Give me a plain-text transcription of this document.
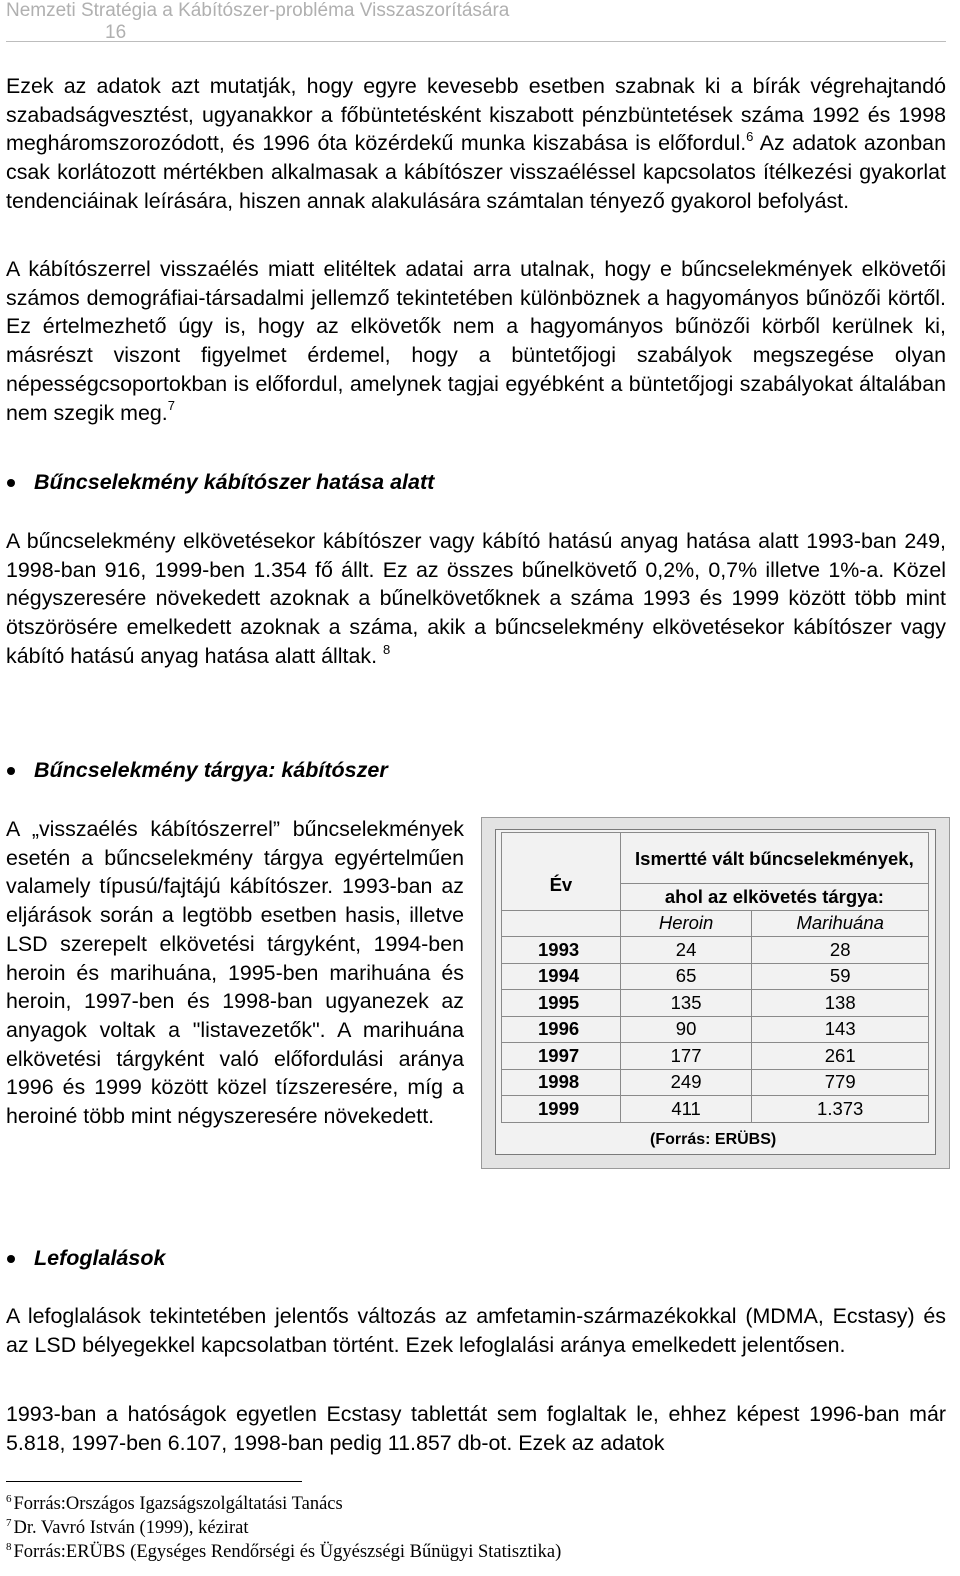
Nemzeti Stratégia a Kábítószer-probléma Visszaszorítására
16
Ezek az adatok azt mutatják, hogy egyre kevesebb esetben szabnak ki a bírák végrehajtandó szabadságvesztést, ugyanakkor a főbüntetésként kiszabott pénzbüntetések száma 1992 és 1998 megháromszorozódott, és 1996 óta közérdekű munka kiszabása is előfordul.$^6$ Az adatok azonban csak korlátozott mértékben alkalmasak a kábítószer visszaéléssel kapcsolatos ítélkezési gyakorlat tendenciáinak leírására, hiszen annak alakulására számtalan tényező gyakorol befolyást.
A kábítószerrel visszaélés miatt elitéltek adatai arra utalnak, hogy e bűncselekmények elkövetői számos demográfiai-társadalmi jellemző tekintetében különböznek a hagyományos bűnözői körtől. Ez értelmezhető úgy is, hogy az elkövetők nem a hagyományos bűnözői körből kerülnek ki, másrészt viszont figyelmet érdemel, hogy a büntetőjogi szabályok megszegése olyan népességcsoportokban is előfordul, amelynek tagjai egyébként a büntetőjogi szabályokat általában nem szegik meg.$^7$
Bűncselekmény kábítószer hatása alatt
A bűncselekmény elkövetésekor kábítószer vagy kábító hatású anyag hatása alatt 1993-ban 249, 1998-ban 916, 1999-ben 1.354 fő állt. Ez az összes bűnelkövető 0,2%, 0,7% illetve 1%-a. Közel négyszeresére növekedett azoknak a bűnelkövetőknek a száma 1993 és 1999 között több mint ötszörösére emelkedett azoknak a száma, akik a bűncselekmény elkövetésekor kábítószer vagy kábító hatású anyag hatása alatt álltak. $^8$
Bűncselekmény tárgya: kábítószer
A „visszaélés kábítószerrel” bűncselekmények esetén a bűncselekmény tárgya egyértelműen valamely típusú/fajtájú kábítószer. 1993-ban az eljárások során a legtöbb esetben hasis, illetve LSD szerepelt elkövetési tárgyként, 1994-ben heroin és marihuána, 1995-ben marihuána és heroin, 1997-ben és 1998-ban ugyanezek az anyagok voltak a "listavezetők". A marihuána elkövetési tárgyként való előfordulási aránya 1996 és 1999 között közel tízszeresére, míg a heroiné több mint négyszeresére növekedett.
Év	Ismertté vált bűncselekmények,	
	ahol az elkövetés tárgya:	
	Heroin	Marihuána
1993	24	28
1994	65	59
1995	135	138
1996	90	143
1997	177	261
1998	249	779
1999	411	1.373
(Forrás: ERÜBS)
Lefoglalások
A lefoglalások tekintetében jelentős változás az amfetamin-származékokkal (MDMA, Ecstasy) és az LSD bélyegekkel kapcsolatban történt. Ezek lefoglalási aránya emelkedett jelentősen.
1993-ban a hatóságok egyetlen Ecstasy tablettát sem foglaltak le, ehhez képest 1996-ban már 5.818, 1997-ben 6.107, 1998-ban pedig 11.857 db-ot. Ezek az adatok
$^6$ Forrás:Országos Igazságszolgáltatási Tanács
$^7$ Dr. Vavró István (1999), kézirat
$^8$ Forrás:ERÜBS (Egységes Rendőrségi és Ügyészségi Bűnügyi Statisztika)
